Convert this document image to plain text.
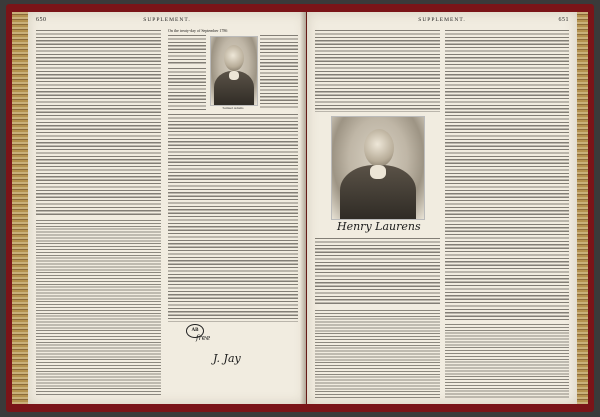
650	SUPPLEMENT.
On the treaty-day of September 1786
Samuel Adams
AB
free
J. Jay
SUPPLEMENT.	651
Henry Laurens
